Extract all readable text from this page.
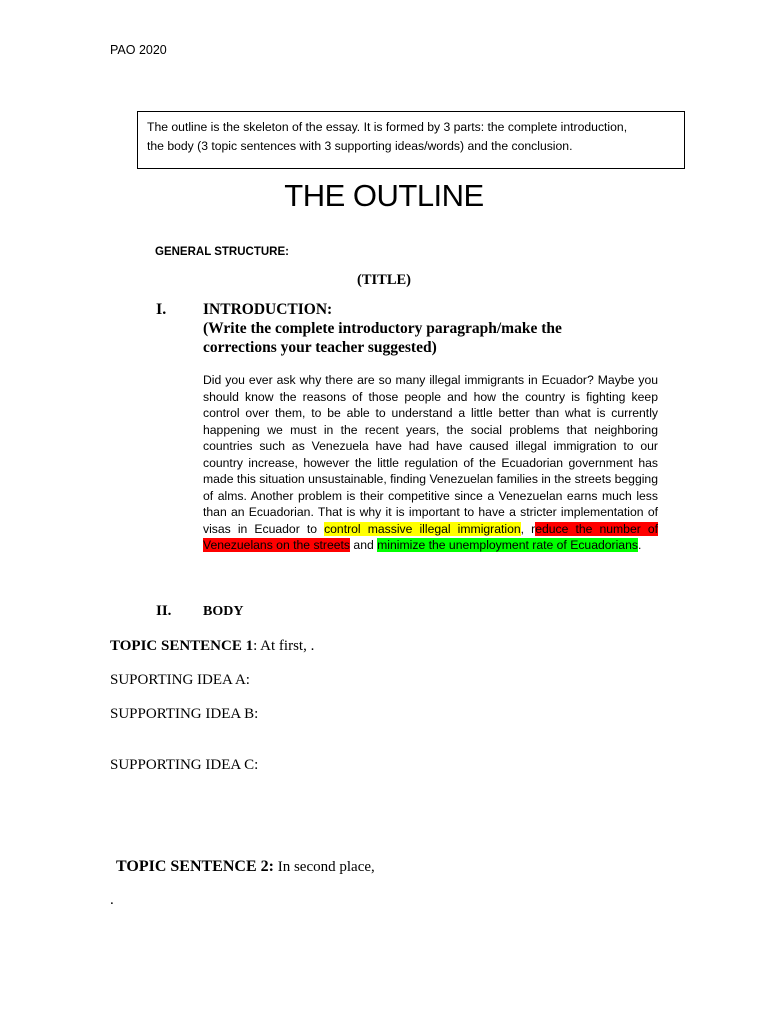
PAO 2020
The outline is the skeleton of the essay. It is formed by 3 parts: the complete introduction,
the body (3 topic sentences with 3 supporting ideas/words) and the conclusion.
THE OUTLINE
GENERAL STRUCTURE:
(TITLE)
I. INTRODUCTION:
(Write the complete introductory paragraph/make the
corrections your teacher suggested)
Did you ever ask why there are so many illegal immigrants in Ecuador? Maybe you should know the reasons of those people and how the country is fighting keep control over them, to be able to understand a little better than what is currently happening we must in the recent years, the social problems that neighboring countries such as Venezuela have had have caused illegal immigration to our country increase, however the little regulation of the Ecuadorian government has made this situation unsustainable, finding Venezuelan families in the streets begging of alms. Another problem is their competitive since a Venezuelan earns much less than an Ecuadorian. That is why it is important to have a stricter implementation of visas in Ecuador to control massive illegal immigration, reduce the number of Venezuelans on the streets and minimize the unemployment rate of Ecuadorians.
II. BODY
TOPIC SENTENCE 1: At first, .
SUPORTING IDEA A:
SUPPORTING IDEA B:
SUPPORTING IDEA C:
TOPIC SENTENCE 2: In second place,
.
